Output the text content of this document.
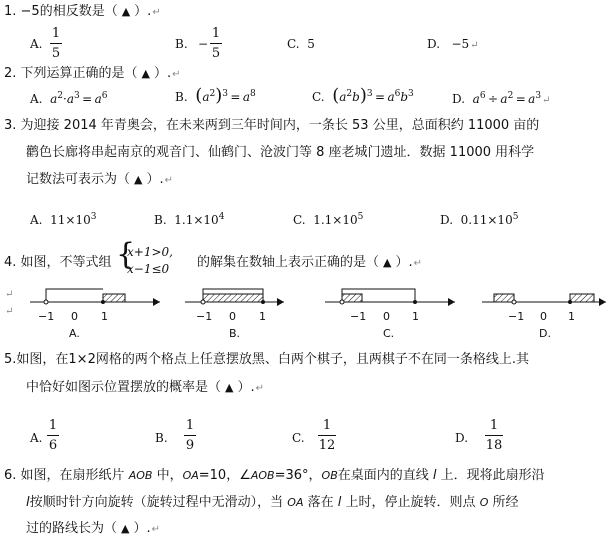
1. −5的相反数是（ ▲ ）.↵
A.
1
5
B. −
1
5
C. 5	D. −5↵
2. 下列运算正确的是（ ▲ ）.↵
A. $a^2\cdot a^3 = a^6$	B. $(a^2)^3 = a^8$	C. $(a^2b)^3 = a^6b^3$	D. $a^6 \div a^2$ = $a^3↵$
3. 为迎接 2014 年青奥会，在未来两到三年时间内，一条长 53 公里，总面积约 11000 亩的
鹳色长廊将串起南京的观音门、仙鹤门、沧波门等 8 座老城门遗址．数据 11000 用科学
记数法可表示为（ ▲ ）.↵
A. $11\times 10^3$	B. $1.1\times 10^4$	C. $1.1\times 10^5$	D. $0.11\times 10^5$
4. 如图，不等式组 {
x+1>0,
x−1≤0 的解集在数轴上表示正确的是（ ▲ ）.↵
−1 0 1
A.
−1 0 1
B.
−1 0 1
C.
−1 0 1
D.
↵
↵
5.如图，在1×2网格的两个格点上任意摆放黑、白两个棋子，且两棋子不在同一条格线上.其
中恰好如图示位置摆放的概率是（ ▲ ）.↵
A.
1
6	B.
1
9	C.
1
12	D.
1
18
6. 如图，在扇形纸片 AOB 中，OA=10，∠AOB=36°，OB在桌面内的直线 l 上．现将此扇形沿
l按顺时针方向旋转（旋转过程中无滑动），当 OA 落在 l 上时，停止旋转．则点 O 所经
过的路线长为（ ▲ ）.↵
